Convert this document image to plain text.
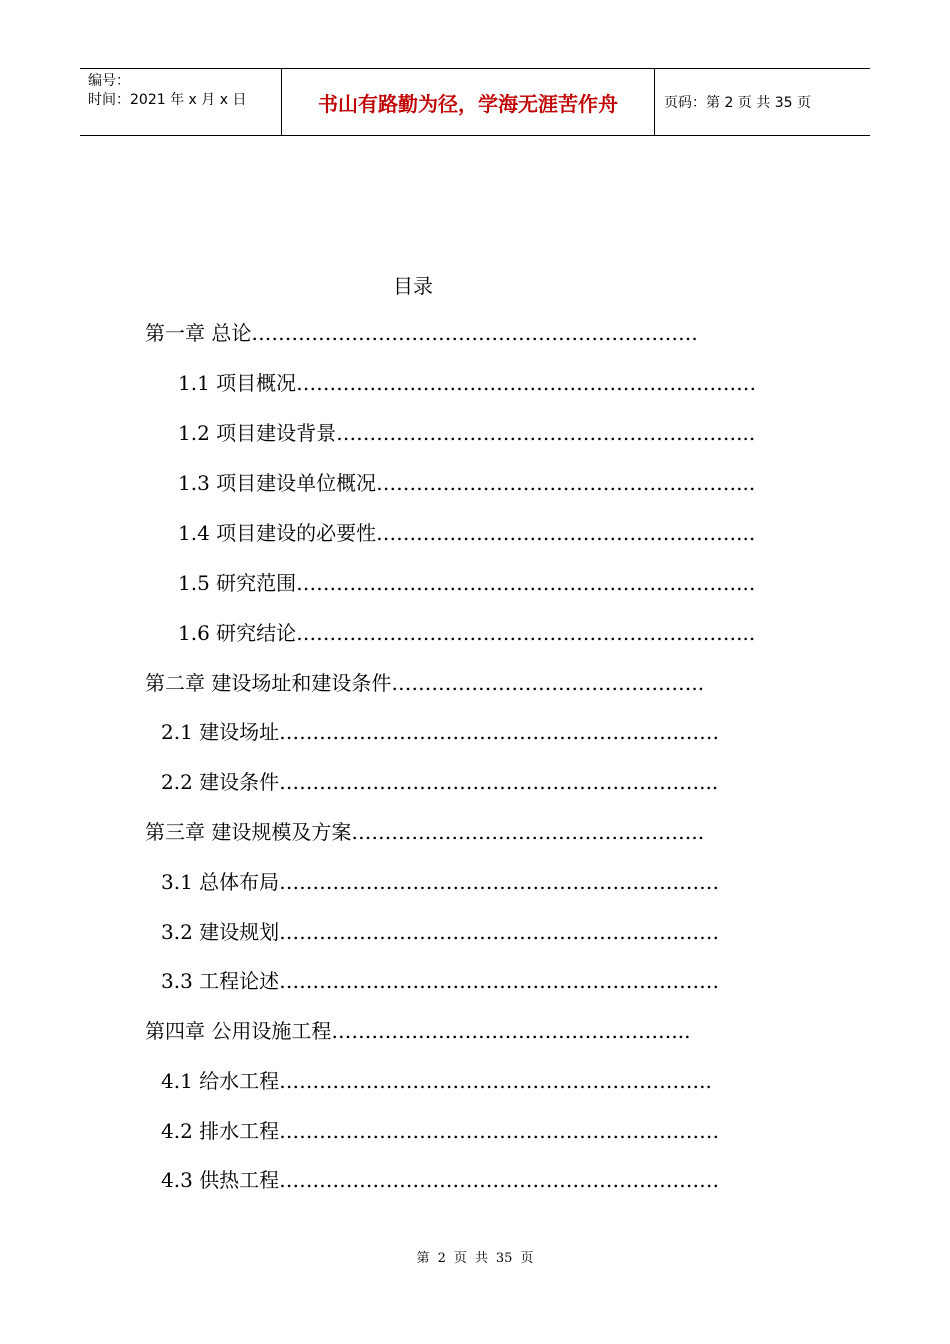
编号：
时间：2021 年 x 月 x 日	书山有路勤为径，学海无涯苦作舟	页码：第 2 页 共 35 页
目录
第一章 总论………………………………………………………….
1.1 项目概况……………………………………………………………
1.2 项目建设背景……………………………………………………...
1.3 项目建设单位概况………………………………………………...
1.4 项目建设的必要性………………………………………………...
1.5 研究范围…………………………………………………………...
1.6 研究结论…………………………………………………………...
第二章 建设场址和建设条件………………………………………..
2.1 建设场址…………………………………………………………
2.2 建设条件………………………………………………………...
第三章 建设规模及方案……………………………………………..
3.1 总体布局…………………………………………………………
3.2 建设规划…………………………………………………………
3.3 工程论述…………………………………………………………
第四章 公用设施工程……………………………………………...
4.1 给水工程………………………………………………………..
4.2 排水工程…………………………………………………………
4.3 供热工程…………………………………………………………
第 2 页 共 35 页
